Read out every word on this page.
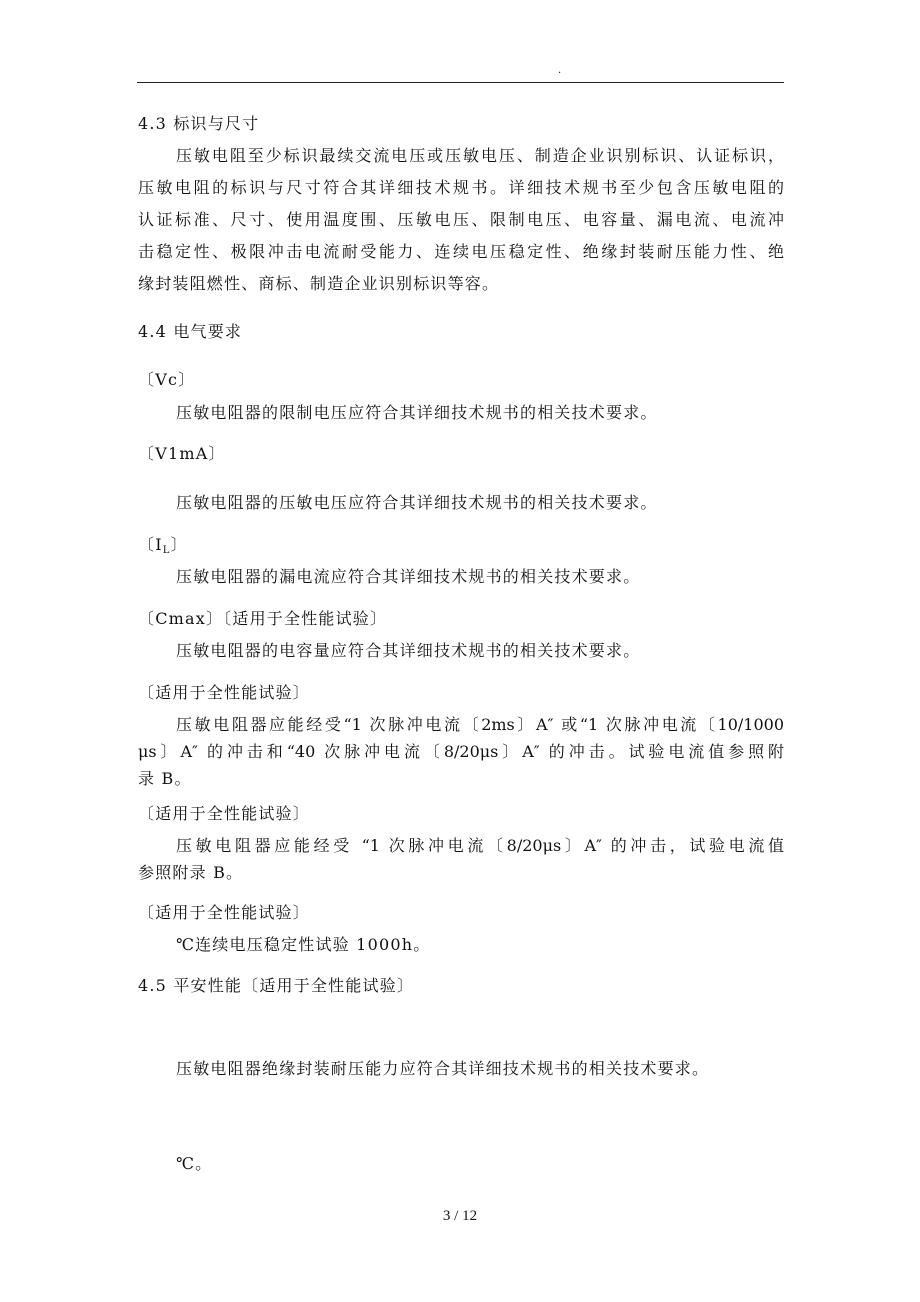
.
4.3 标识与尺寸
压敏电阻至少标识最续交流电压或压敏电压、制造企业识别标识、认证标识，
压敏电阻的标识与尺寸符合其详细技术规书。详细技术规书至少包含压敏电阻的
认证标准、尺寸、使用温度围、压敏电压、限制电压、电容量、漏电流、电流冲
击稳定性、极限冲击电流耐受能力、连续电压稳定性、绝缘封装耐压能力性、绝
缘封装阻燃性、商标、制造企业识别标识等容。
4.4 电气要求
〔Vc〕
压敏电阻器的限制电压应符合其详细技术规书的相关技术要求。
〔V1mA〕
压敏电阻器的压敏电压应符合其详细技术规书的相关技术要求。
〔$I_L$〕
压敏电阻器的漏电流应符合其详细技术规书的相关技术要求。
〔Cmax〕〔适用于全性能试验〕
压敏电阻器的电容量应符合其详细技术规书的相关技术要求。
〔适用于全性能试验〕
压敏电阻器应能经受“1 次脉冲电流〔2ms〕A″ 或“1 次脉冲电流〔10/1000
μs〕A″ 的冲击和“40 次脉冲电流〔8/20μs〕A″ 的冲击。试验电流值参照附
录 B。
〔适用于全性能试验〕
压敏电阻器应能经受 “1 次脉冲电流〔8/20μs〕A″ 的冲击，试验电流值
参照附录 B。
〔适用于全性能试验〕
℃连续电压稳定性试验 1000h。
4.5 平安性能〔适用于全性能试验〕
压敏电阻器绝缘封装耐压能力应符合其详细技术规书的相关技术要求。
℃。
3 / 12
